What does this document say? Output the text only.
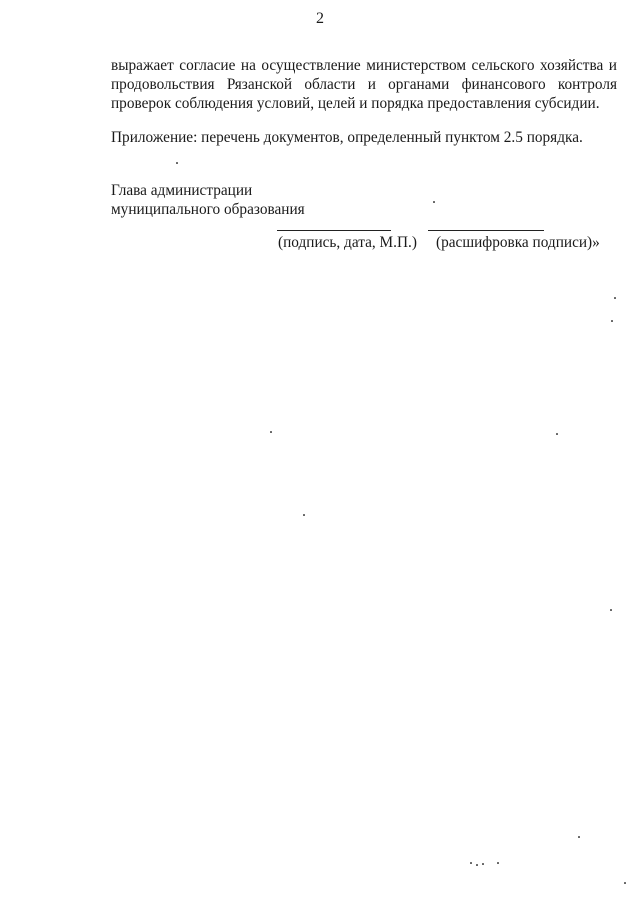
2
выражает согласие на осуществление министерством сельского хозяйства и продовольствия Рязанской области и органами финансового контроля проверок соблюдения условий, целей и порядка предоставления субсидии.
Приложение: перечень документов, определенный пунктом 2.5 порядка.
Глава администрации
муниципального образования
(подпись, дата, М.П.) (расшифровка подписи)»
